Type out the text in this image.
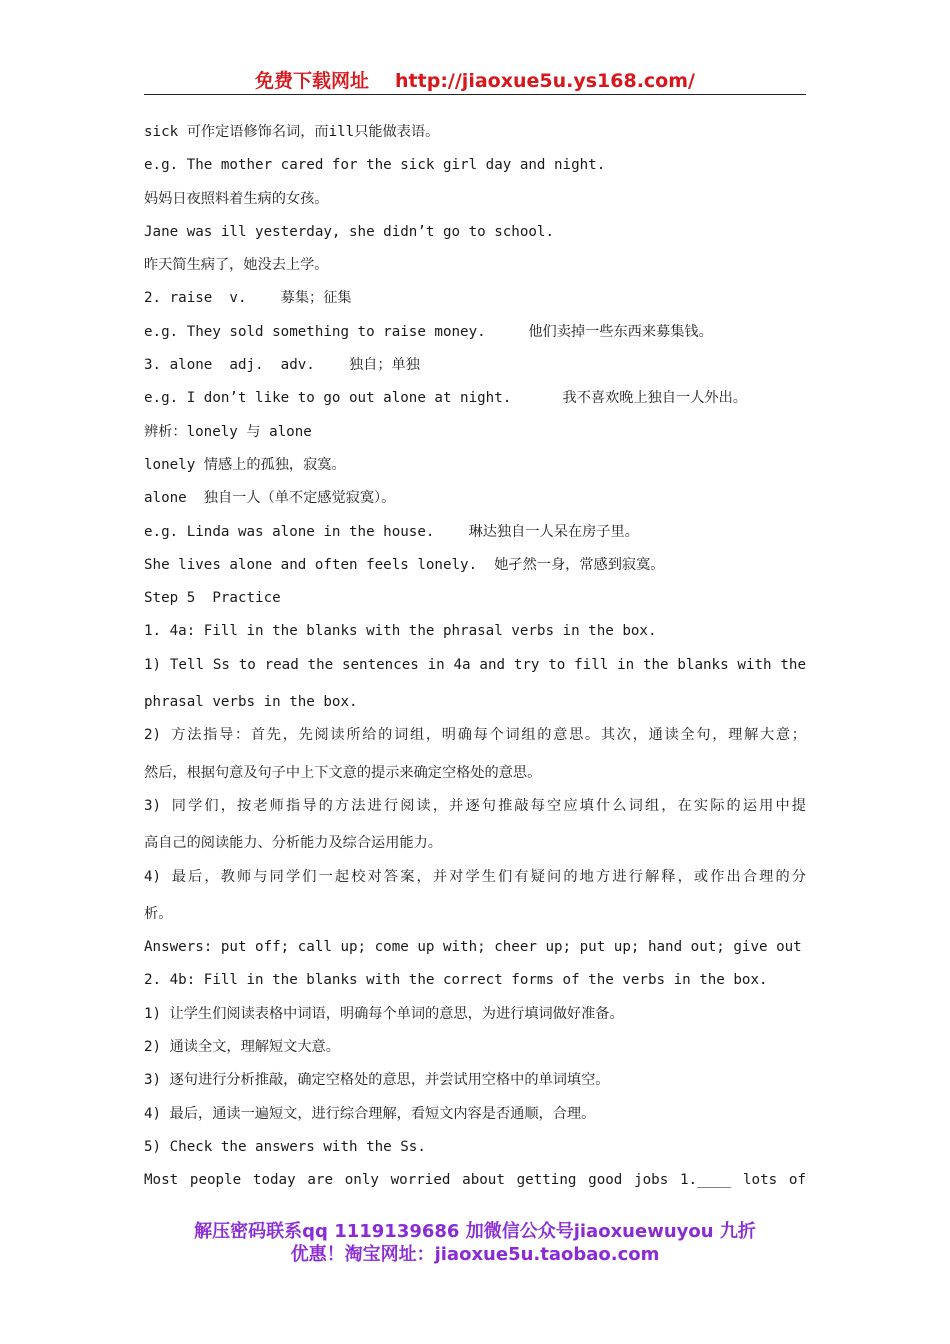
免费下载网址 http://jiaoxue5u.ys168.com/
sick 可作定语修饰名词，而ill只能做表语。
e.g. The mother cared for the sick girl day and night.
妈妈日夜照料着生病的女孩。
Jane was ill yesterday, she didn’t go to school.
昨天简生病了，她没去上学。
2. raise  v.    募集；征集
e.g. They sold something to raise money.     他们卖掉一些东西来募集钱。
3. alone  adj.  adv.    独自；单独
e.g. I don’t like to go out alone at night.      我不喜欢晚上独自一人外出。
辨析：lonely 与 alone
lonely 情感上的孤独，寂寞。
alone  独自一人（单不定感觉寂寞）。
e.g. Linda was alone in the house.    琳达独自一人呆在房子里。
She lives alone and often feels lonely.  她孑然一身，常感到寂寞。
Step 5  Practice
1. 4a: Fill in the blanks with the phrasal verbs in the box.
1) Tell Ss to read the sentences in 4a and try to fill in the blanks with the
phrasal verbs in the box.
2) 方法指导：首先，先阅读所给的词组，明确每个词组的意思。其次，通读全句，理解大意；
然后，根据句意及句子中上下文意的提示来确定空格处的意思。
3) 同学们，按老师指导的方法进行阅读，并逐句推敲每空应填什么词组，在实际的运用中提
高自己的阅读能力、分析能力及综合运用能力。
4) 最后，教师与同学们一起校对答案，并对学生们有疑问的地方进行解释，或作出合理的分
析。
Answers: put off; call up; come up with; cheer up; put up; hand out; give out
2. 4b: Fill in the blanks with the correct forms of the verbs in the box.
1) 让学生们阅读表格中词语，明确每个单词的意思，为进行填词做好准备。
2) 通读全文，理解短文大意。
3) 逐句进行分析推敲，确定空格处的意思，并尝试用空格中的单词填空。
4) 最后，通读一遍短文，进行综合理解，看短文内容是否通顺，合理。
5) Check the answers with the Ss.
Most people today are only worried about getting good jobs 1.____ lots of
解压密码联系qq 1119139686 加微信公众号jiaoxuewuyou 九折
优惠！淘宝网址：jiaoxue5u.taobao.com
